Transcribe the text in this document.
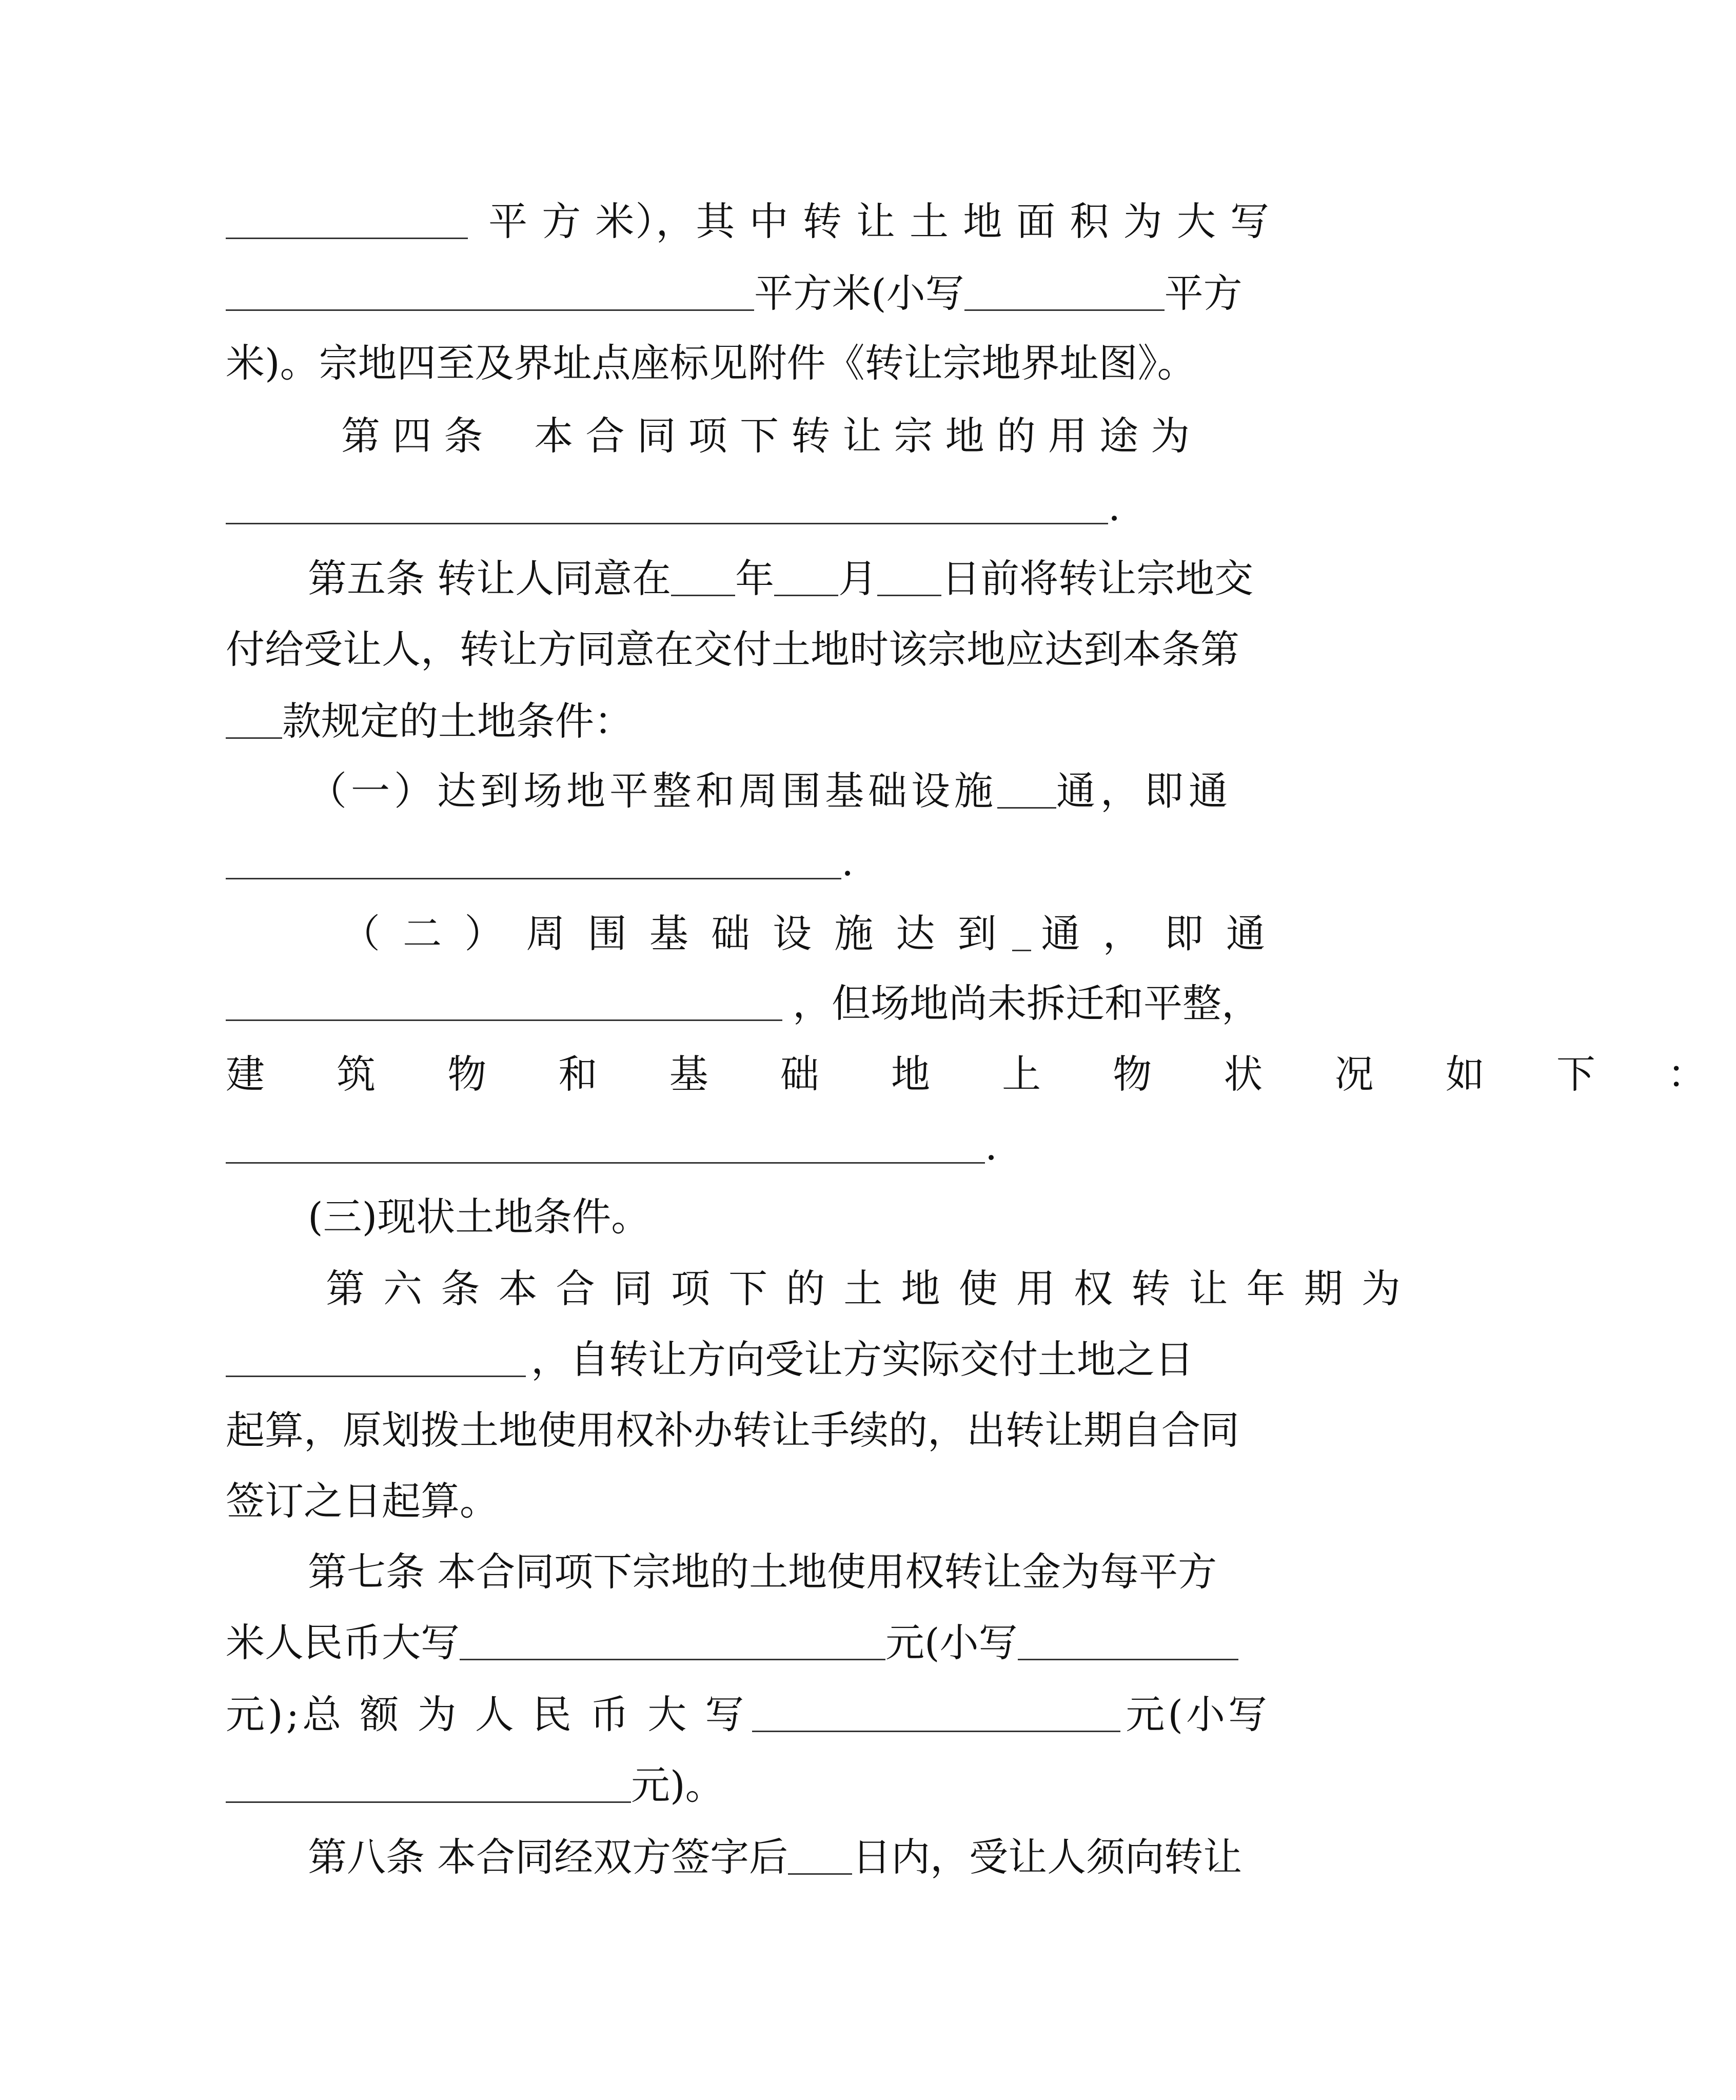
平 方 米），其 中 转 让 土 地 面 积 为 大 写
平方米(小写	平方
米)。宗地四至及界址点座标见附件《转让宗地界址图》。
第 四 条 本 合 同 项 下 转 让 宗 地 的 用 途 为
.
第五条 转让人同意在 年 月 日前将转让宗地交
付给受让人，转让方同意在交付土地时该宗地应达到本条第
款规定的土地条件：
（一）达到场地平整和周围基础设施 通，即通
.
（ 二 ） 周 围 基 础 设 施 达 到 通 ， 即 通
，但场地尚未拆迁和平整，
建 筑 物 和 基 础 地 上 物 状 况 如 下 ：
.
(三)现状土地条件。
第 六 条 本 合 同 项 下 的 土 地 使 用 权 转 让 年 期 为
，自转让方向受让方实际交付土地之日
起算，原划拨土地使用权补办转让手续的，出转让期自合同
签订之日起算。
第七条 本合同项下宗地的土地使用权转让金为每平方
米人民币大写	元(小写
元);总 额 为 人 民 币 大 写	元(小写
元)。
第八条 本合同经双方签字后 日内，受让人须向转让
